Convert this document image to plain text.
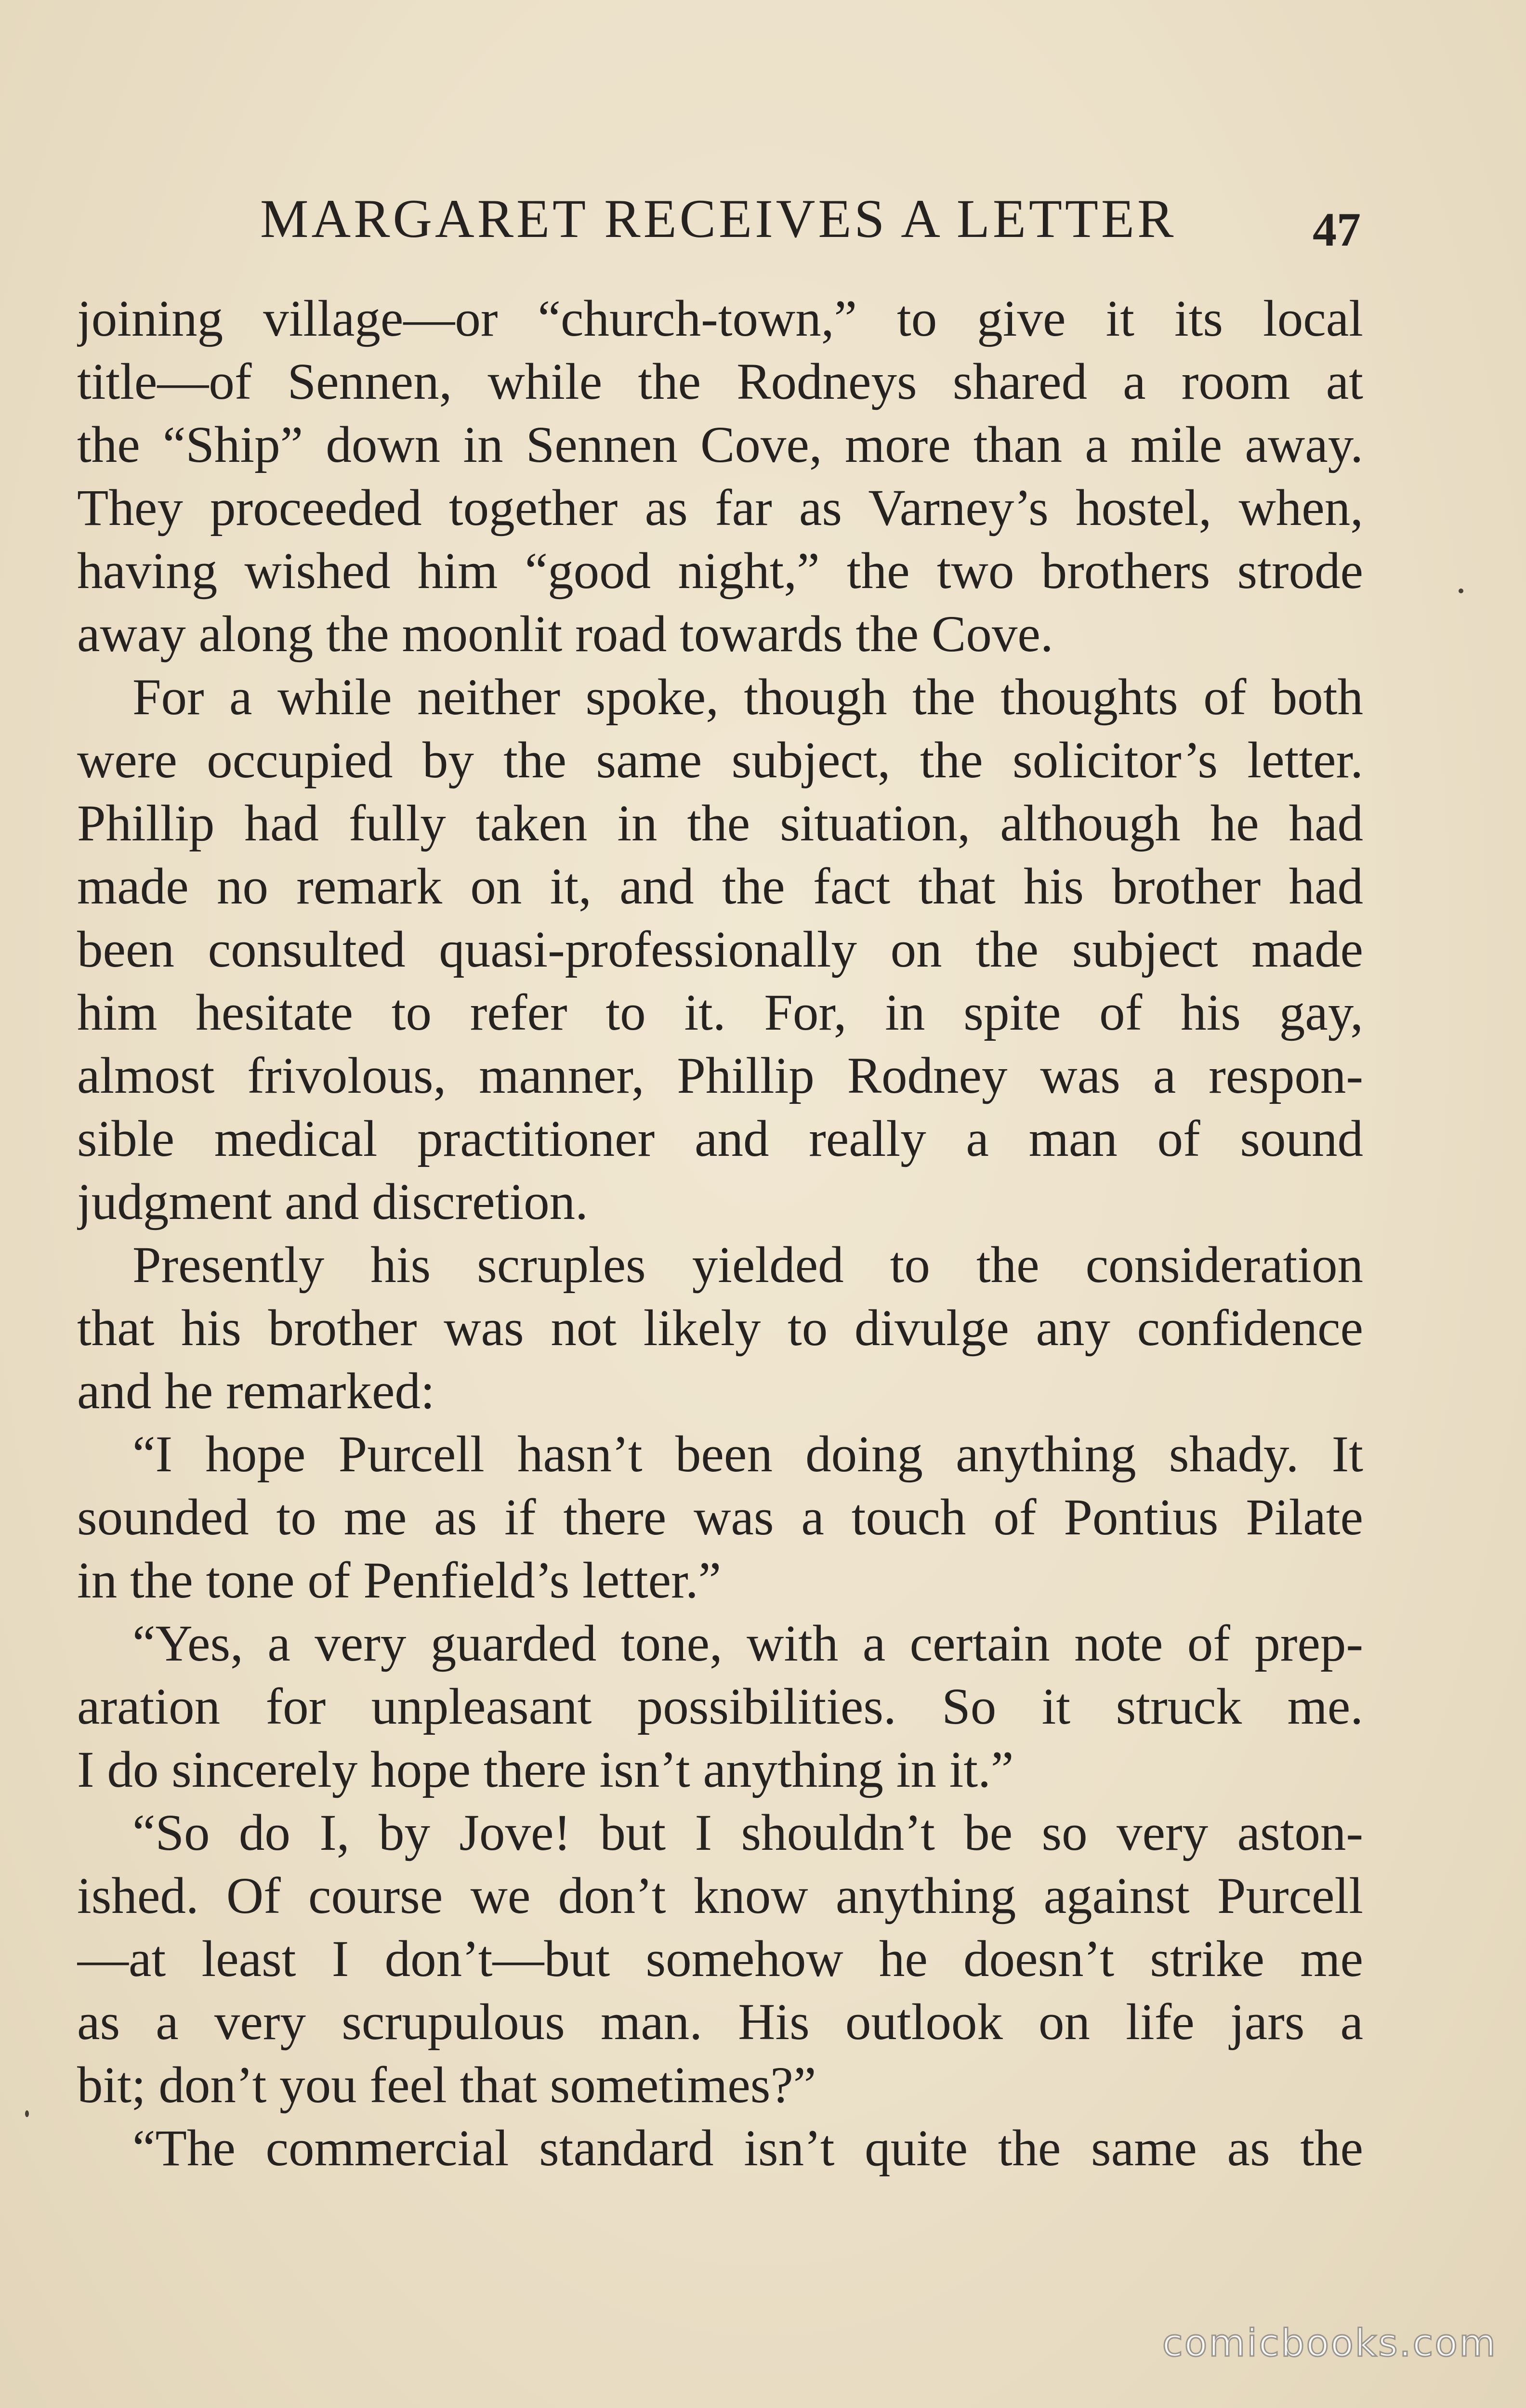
MARGARET RECEIVES A LETTER	47
joining village—or “church-town,” to give it its local
title—of Sennen, while the Rodneys shared a room at
the “Ship” down in Sennen Cove, more than a mile away.
They proceeded together as far as Varney’s hostel, when,
having wished him “good night,” the two brothers strode
away along the moonlit road towards the Cove.
For a while neither spoke, though the thoughts of both
were occupied by the same subject, the solicitor’s letter.
Phillip had fully taken in the situation, although he had
made no remark on it, and the fact that his brother had
been consulted quasi-professionally on the subject made
him hesitate to refer to it. For, in spite of his gay,
almost frivolous, manner, Phillip Rodney was a respon-
sible medical practitioner and really a man of sound
judgment and discretion.
Presently his scruples yielded to the consideration
that his brother was not likely to divulge any confidence
and he remarked:
“I hope Purcell hasn’t been doing anything shady. It
sounded to me as if there was a touch of Pontius Pilate
in the tone of Penfield’s letter.”
“Yes, a very guarded tone, with a certain note of prep-
aration for unpleasant possibilities. So it struck me.
I do sincerely hope there isn’t anything in it.”
“So do I, by Jove! but I shouldn’t be so very aston-
ished. Of course we don’t know anything against Purcell
—at least I don’t—but somehow he doesn’t strike me
as a very scrupulous man. His outlook on life jars a
bit; don’t you feel that sometimes?”
“The commercial standard isn’t quite the same as the
comicbooks.com
